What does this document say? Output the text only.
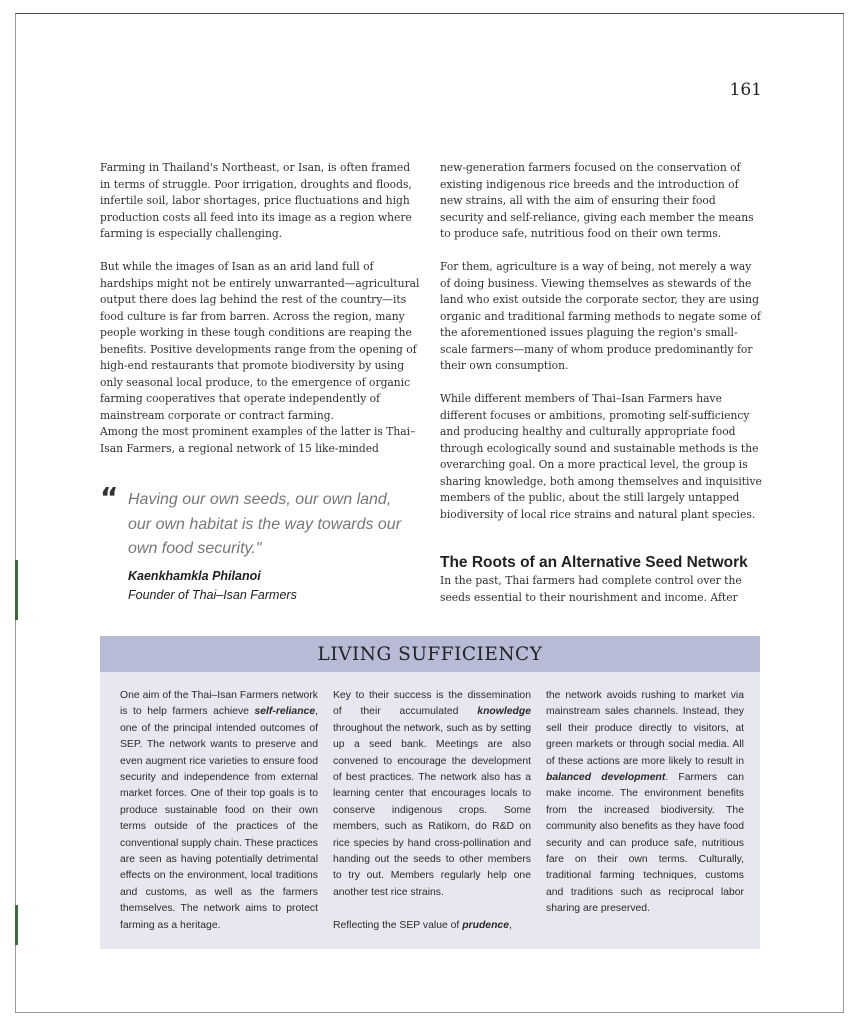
161

Farming in Thailand's Northeast, or Isan, is often framed in terms of struggle. Poor irrigation, droughts and floods, infertile soil, labor shortages, price fluctuations and high production costs all feed into its image as a region where farming is especially challenging.

But while the images of Isan as an arid land full of hardships might not be entirely unwarranted—agricultural output there does lag behind the rest of the country—its food culture is far from barren. Across the region, many people working in these tough conditions are reaping the benefits. Positive developments range from the opening of high-end restaurants that promote biodiversity by using only seasonal local produce, to the emergence of organic farming cooperatives that operate independently of mainstream corporate or contract farming.

Among the most prominent examples of the latter is Thai–Isan Farmers, a regional network of 15 like-minded

new-generation farmers focused on the conservation of existing indigenous rice breeds and the introduction of new strains, all with the aim of ensuring their food security and self-reliance, giving each member the means to produce safe, nutritious food on their own terms.

For them, agriculture is a way of being, not merely a way of doing business. Viewing themselves as stewards of the land who exist outside the corporate sector, they are using organic and traditional farming methods to negate some of the aforementioned issues plaguing the region's small-scale farmers—many of whom produce predominantly for their own consumption.

While different members of Thai–Isan Farmers have different focuses or ambitions, promoting self-sufficiency and producing healthy and culturally appropriate food through ecologically sound and sustainable methods is the overarching goal. On a more practical level, the group is sharing knowledge, both among themselves and inquisitive members of the public, about the still largely untapped biodiversity of local rice strains and natural plant species.

“ Having our own seeds, our own land, our own habitat is the way towards our own food security."
Kaenkhamkla Philanoi
Founder of Thai–Isan Farmers
The Roots of an Alternative Seed Network

In the past, Thai farmers had complete control over the seeds essential to their nourishment and income. After

LIVING SUFFICIENCY

One aim of the Thai–Isan Farmers network is to help farmers achieve self-reliance, one of the principal intended outcomes of SEP. The network wants to preserve and even augment rice varieties to ensure food security and independence from external market forces. One of their top goals is to produce sustainable food on their own terms outside of the practices of the conventional supply chain. These practices are seen as having potentially detrimental effects on the environment, local traditions and customs, as well as the farmers themselves. The network aims to protect farming as a heritage.

Key to their success is the dissemination of their accumulated knowledge throughout the network, such as by setting up a seed bank. Meetings are also convened to encourage the development of best practices. The network also has a learning center that encourages locals to conserve indigenous crops. Some members, such as Ratikorn, do R&D on rice species by hand cross-pollination and handing out the seeds to other members to try out. Members regularly help one another test rice strains.

Reflecting the SEP value of prudence,

the network avoids rushing to market via mainstream sales channels. Instead, they sell their produce directly to visitors, at green markets or through social media. All of these actions are more likely to result in balanced development. Farmers can make income. The environment benefits from the increased biodiversity. The community also benefits as they have food security and can produce safe, nutritious fare on their own terms. Culturally, traditional farming techniques, customs and traditions such as reciprocal labor sharing are preserved.
